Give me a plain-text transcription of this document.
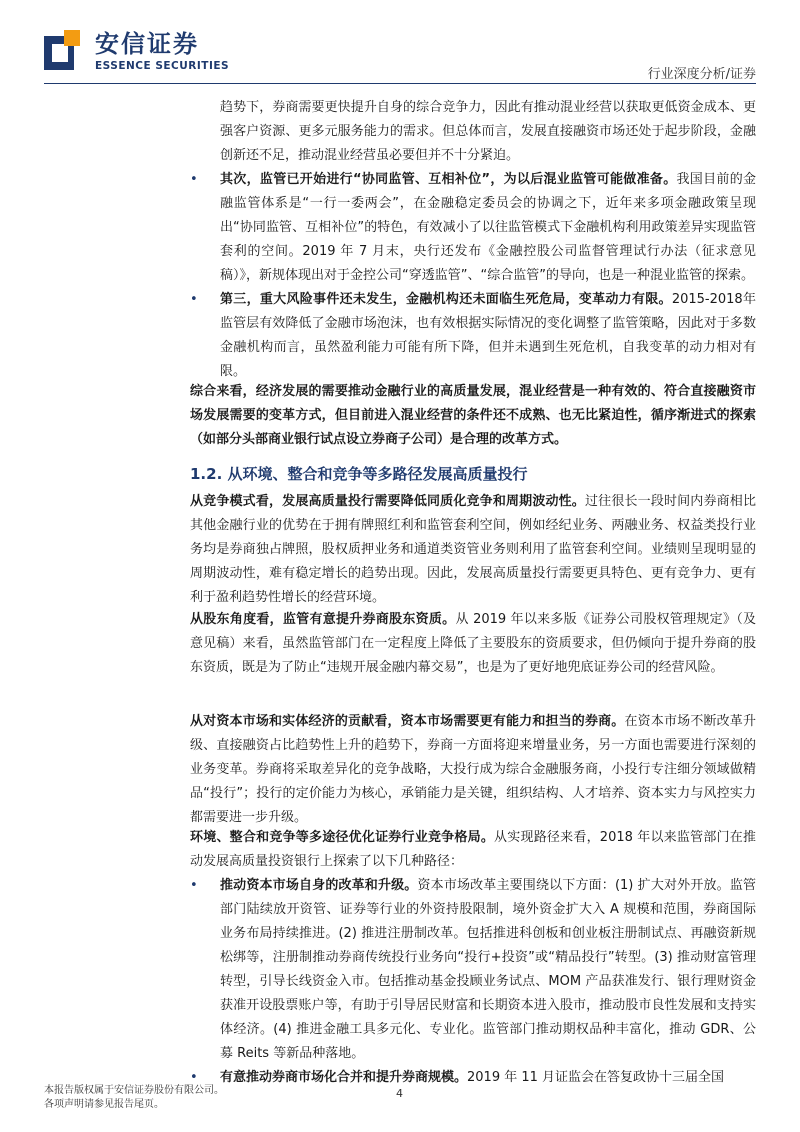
安信证券
ESSENCE SECURITIES
行业深度分析/证券

趋势下，券商需要更快提升自身的综合竞争力，因此有推动混业经营以获取更低资金成本、更强客户资源、更多元服务能力的需求。但总体而言，发展直接融资市场还处于起步阶段，金融创新还不足，推动混业经营虽必要但并不十分紧迫。

• 其次，监管已开始进行“协同监管、互相补位”，为以后混业监管可能做准备。我国目前的金融监管体系是“一行一委两会”，在金融稳定委员会的协调之下，近年来多项金融政策呈现出“协同监管、互相补位”的特色，有效减小了以往监管模式下金融机构利用政策差异实现监管套利的空间。2019 年 7 月末，央行还发布《金融控股公司监督管理试行办法（征求意见稿）》，新规体现出对于金控公司“穿透监管”、“综合监管”的导向，也是一种混业监管的探索。
• 第三，重大风险事件还未发生，金融机构还未面临生死危局，变革动力有限。2015-2018年监管层有效降低了金融市场泡沫，也有效根据实际情况的变化调整了监管策略，因此对于多数金融机构而言，虽然盈利能力可能有所下降，但并未遇到生死危机，自我变革的动力相对有限。

综合来看，经济发展的需要推动金融行业的高质量发展，混业经营是一种有效的、符合直接融资市场发展需要的变革方式，但目前进入混业经营的条件还不成熟、也无比紧迫性，循序渐进式的探索（如部分头部商业银行试点设立券商子公司）是合理的改革方式。

1.2. 从环境、整合和竞争等多路径发展高质量投行

从竞争模式看，发展高质量投行需要降低同质化竞争和周期波动性。过往很长一段时间内券商相比其他金融行业的优势在于拥有牌照红利和监管套利空间，例如经纪业务、两融业务、权益类投行业务均是券商独占牌照，股权质押业务和通道类资管业务则利用了监管套利空间。业绩则呈现明显的周期波动性，难有稳定增长的趋势出现。因此，发展高质量投行需要更具特色、更有竞争力、更有利于盈利趋势性增长的经营环境。

从股东角度看，监管有意提升券商股东资质。从 2019 年以来多版《证券公司股权管理规定》（及意见稿）来看，虽然监管部门在一定程度上降低了主要股东的资质要求，但仍倾向于提升券商的股东资质，既是为了防止“违规开展金融内幕交易”，也是为了更好地兜底证券公司的经营风险。

从对资本市场和实体经济的贡献看，资本市场需要更有能力和担当的券商。在资本市场不断改革升级、直接融资占比趋势性上升的趋势下，券商一方面将迎来增量业务，另一方面也需要进行深刻的业务变革。券商将采取差异化的竞争战略，大投行成为综合金融服务商，小投行专注细分领域做精品“投行”；投行的定价能力为核心，承销能力是关键，组织结构、人才培养、资本实力与风控实力都需要进一步升级。

环境、整合和竞争等多途径优化证券行业竞争格局。从实现路径来看，2018 年以来监管部门在推动发展高质量投资银行上探索了以下几种路径：

• 推动资本市场自身的改革和升级。资本市场改革主要围绕以下方面：(1) 扩大对外开放。监管部门陆续放开资管、证券等行业的外资持股限制，境外资金扩大入 A 规模和范围，券商国际业务布局持续推进。(2) 推进注册制改革。包括推进科创板和创业板注册制试点、再融资新规松绑等，注册制推动券商传统投行业务向“投行+投资”或“精品投行”转型。(3) 推动财富管理转型，引导长线资金入市。包括推动基金投顾业务试点、MOM 产品获准发行、银行理财资金获准开设股票账户等，有助于引导居民财富和长期资本进入股市，推动股市良性发展和支持实体经济。(4) 推进金融工具多元化、专业化。监管部门推动期权品种丰富化，推动 GDR、公募 Reits 等新品种落地。
• 有意推动券商市场化合并和提升券商规模。2019 年 11 月证监会在答复政协十三届全国
本报告版权属于安信证券股份有限公司。
各项声明请参见报告尾页。
4
